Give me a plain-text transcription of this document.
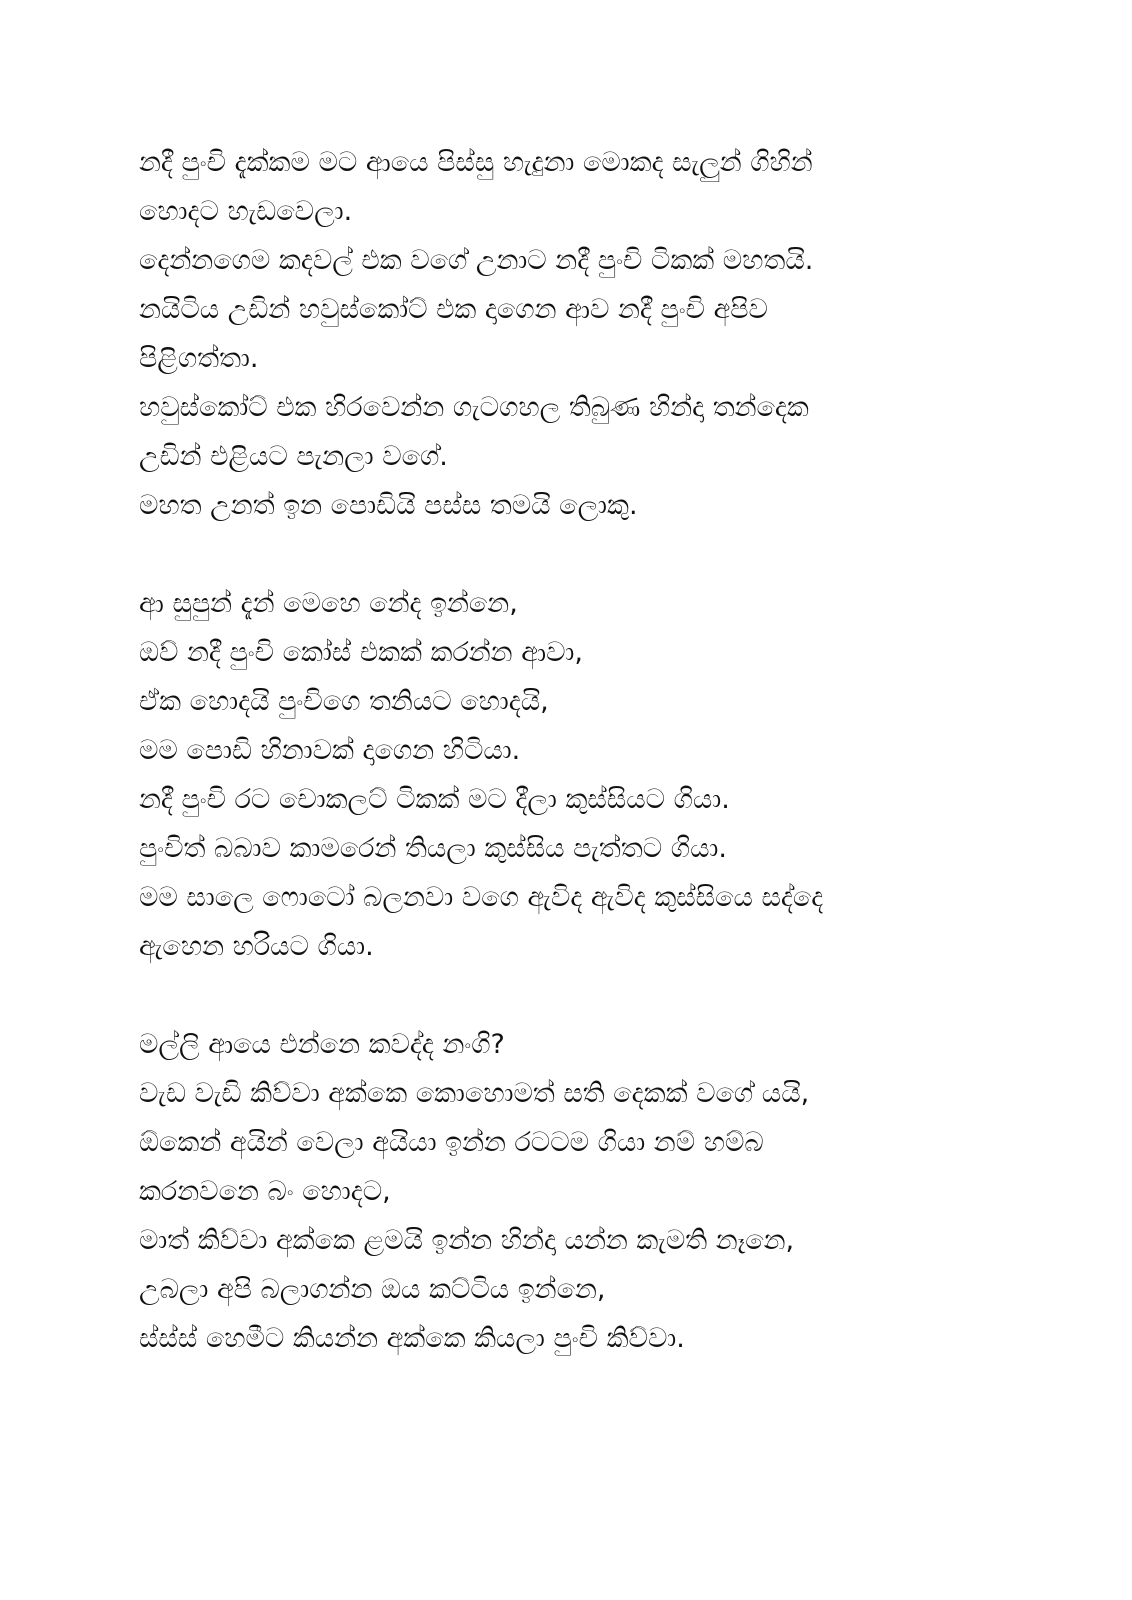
නදී පුංචි දැක්කම මට ආයෙ පිස්සු හැදුනා මොකද සැලුන් ගිහින්
හොදට හැඩවෙලා.
දෙන්නගෙම කදවල් එක වගේ උනාට නදී පුංචි ටිකක් මහතයි.
නයිටිය උඩින් හවුස්කෝට් එක දාගෙන ආව නදී පුංචි අපිව
පිළිගත්තා.
හවුස්කෝට් එක හිරවෙන්න ගැටගහල තිබුණ හින්දා තන්දෙක
උඩින් එළියට පැනලා වගේ.
මහත උනත් ඉන පොඩියි පස්ස තමයි ලොකු.
ආ සුපුන් දැන් මෙහෙ නේද ඉන්නෙ,
ඔව් නදී පුංචි කෝස් එකක් කරන්න ආවා,
ඒක හොදයි පුංචිගෙ තනියට හොදයි,
මම පොඩි හිනාවක් දාගෙන හිටියා.
නදී පුංචි රට චොකලට් ටිකක් මට දීලා කුස්සියට ගියා.
පුංචිත් බබාව කාමරෙන් තියලා කුස්සිය පැත්තට ගියා.
මම සාලෙ ෆොටෝ බලනවා වගෙ ඇවිද ඇවිද කුස්සියෙ සද්දෙ
ඇහෙන හරියට ගියා.
මල්ලි ආයෙ එන්නෙ කවද්ද නංගි?
වැඩ වැඩි කිව්වා අක්කෙ කොහොමත් සති දෙකක් වගේ යයි,
ඕකෙන් අයින් වෙලා අයියා ඉන්න රටටම ගියා නම් හම්බ
කරනවනෙ බං හොදට,
මාත් කිව්වා අක්කෙ ළමයි ඉන්න හින්දා යන්න කැමති නෑනෙ,
උබලා අපි බලාගන්න ඔය කට්ටිය ඉන්නෙ,
ස්ස්ස් හෙමීට කියන්න අක්කෙ කියලා පුංචි කිව්වා.
